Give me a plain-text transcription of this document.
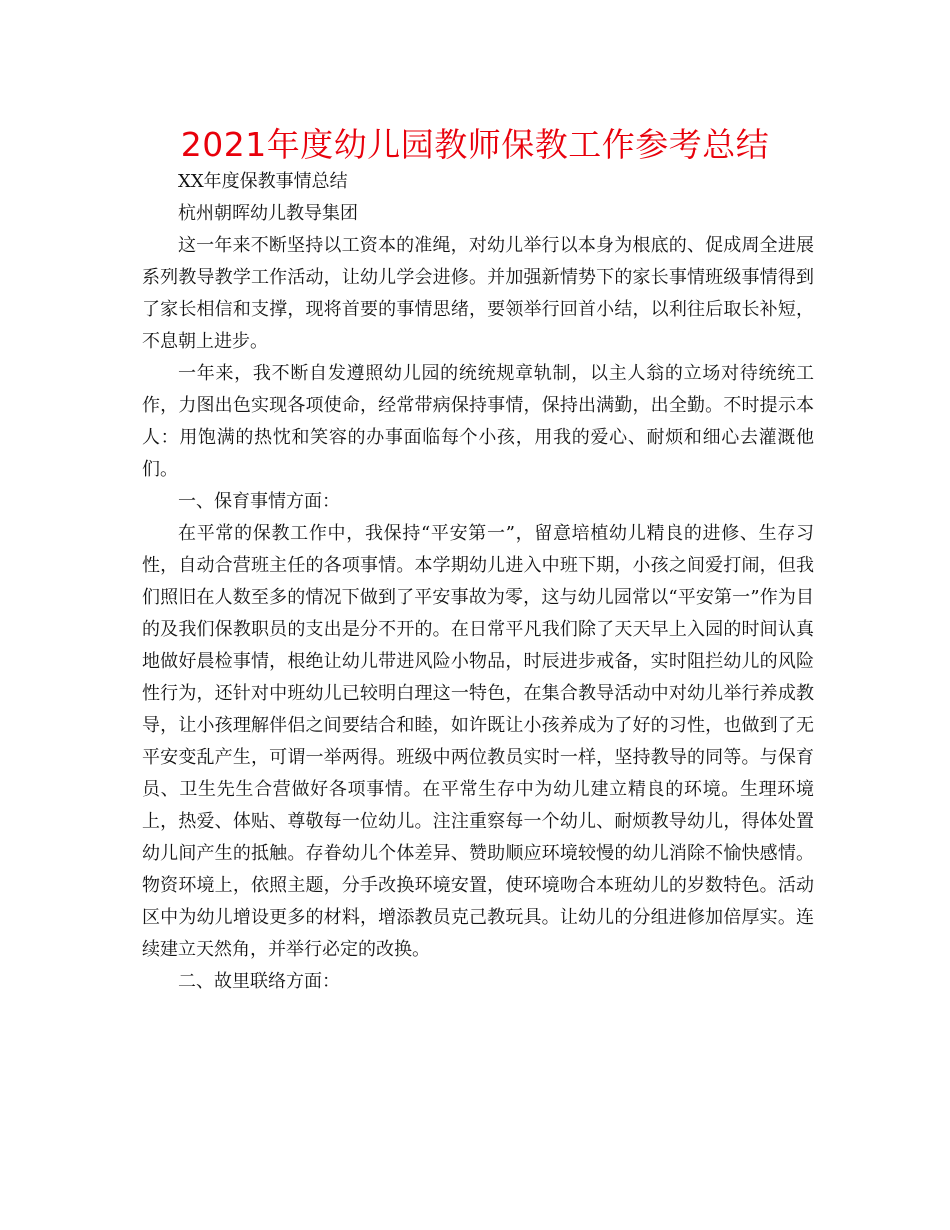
2021年度幼儿园教师保教工作参考总结

XX年度保教事情总结

杭州朝晖幼儿教导集团

这一年来不断坚持以工资本的准绳，对幼儿举行以本身为根底的、促成周全进展系列教导教学工作活动，让幼儿学会进修。并加强新情势下的家长事情班级事情得到了家长相信和支撑，现将首要的事情思绪，要领举行回首小结，以利往后取长补短，不息朝上进步。

一年来，我不断自发遵照幼儿园的统统规章轨制，以主人翁的立场对待统统工作，力图出色实现各项使命，经常带病保持事情，保持出满勤，出全勤。不时提示本人：用饱满的热忱和笑容的办事面临每个小孩，用我的爱心、耐烦和细心去灌溉他们。

一、保育事情方面：

在平常的保教工作中，我保持“平安第一”，留意培植幼儿精良的进修、生存习性，自动合营班主任的各项事情。本学期幼儿进入中班下期，小孩之间爱打闹，但我们照旧在人数至多的情况下做到了平安事故为零，这与幼儿园常以“平安第一”作为目的及我们保教职员的支出是分不开的。在日常平凡我们除了天天早上入园的时间认真地做好晨检事情，根绝让幼儿带进风险小物品，时辰进步戒备，实时阻拦幼儿的风险性行为，还针对中班幼儿已较明白理这一特色，在集合教导活动中对幼儿举行养成教导，让小孩理解伴侣之间要结合和睦，如许既让小孩养成为了好的习性，也做到了无平安变乱产生，可谓一举两得。班级中两位教员实时一样，坚持教导的同等。与保育员、卫生先生合营做好各项事情。在平常生存中为幼儿建立精良的环境。生理环境上，热爱、体贴、尊敬每一位幼儿。注注重察每一个幼儿、耐烦教导幼儿，得体处置幼儿间产生的抵触。存眷幼儿个体差异、赞助顺应环境较慢的幼儿消除不愉快感情。物资环境上，依照主题，分手改换环境安置，使环境吻合本班幼儿的岁数特色。活动区中为幼儿增设更多的材料，增添教员克己教玩具。让幼儿的分组进修加倍厚实。连续建立天然角，并举行必定的改换。

二、故里联络方面：
